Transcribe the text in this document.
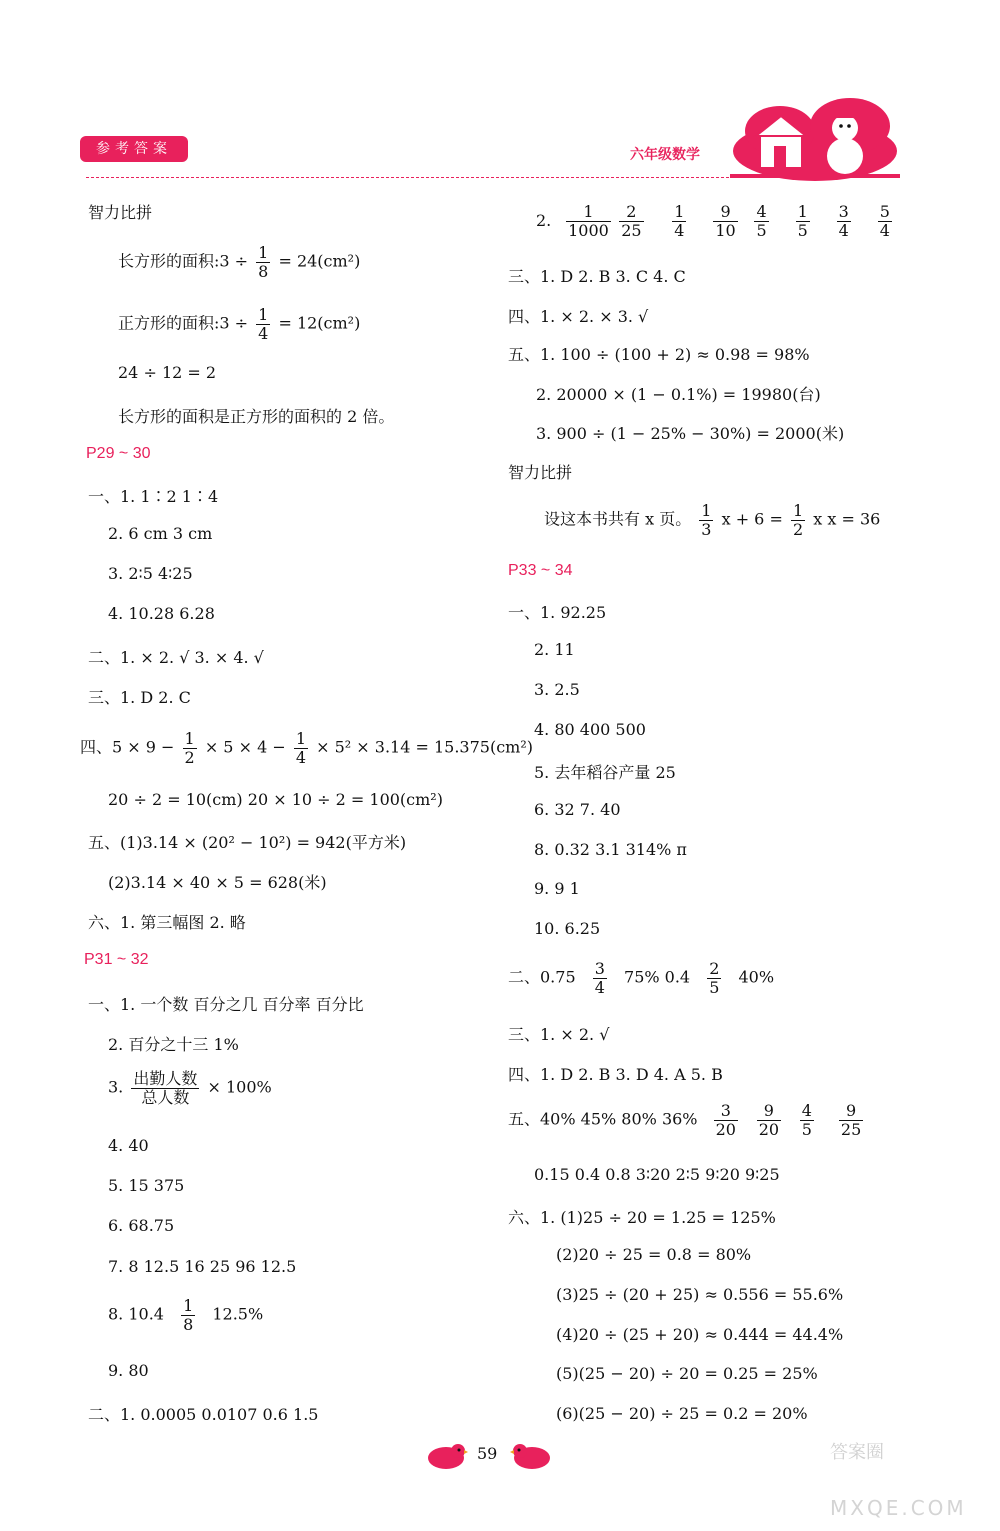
参考答案	六年级数学
智力比拼
长方形的面积:3 ÷ $\frac{1}{8} = 24(cm^2)$
正方形的面积:3 ÷ $\frac{1}{4} = 12(cm^2)$
24 ÷ 12 = 2
长方形的面积是正方形的面积的 2 倍。
P29 ~ 30
一、1. 1∶2 1∶4
2. 6 cm 3 cm
3. 2∶5 4∶25
4. 10.28 6.28
二、1. × 2. √ 3. × 4. √
三、1. D 2. C
四、$5 \times 9 - \frac{1}{2} \times 5 \times 4 - \frac{1}{4} \times 5^2 \times 3.14 = 15.375(cm^2)$
20 ÷ 2 = 10(cm) 20 × 10 ÷ 2 = 100(cm²)
五、(1)3.14 × (20² − 10²) = 942(平方米)
(2)3.14 × 40 × 5 = 628(米)
六、1. 第三幅图 2. 略
P31 ~ 32
一、1. 一个数 百分之几 百分率 百分比
2. 百分之十三 1%
3. $\frac{\text{出勤人数}}{\text{总人数}} \times 100\%$
4. 40
5. 15 375
6. 68.75
7. 8 12.5 16 25 96 12.5
8. $10.4 \frac{1}{8} 12.5\%$
9. 80
二、1. 0.0005 0.0107 0.6 1.5
2. $\frac{1}{1000}$
$\frac{2}{25}$
$\frac{1}{4}$
$\frac{9}{10}$
$\frac{4}{5}$
$\frac{1}{5}$
$\frac{3}{4}$
$\frac{5}{4}$
三、1. D 2. B 3. C 4. C
四、1. × 2. × 3. √
五、1. 100 ÷ (100 + 2) ≈ 0.98 = 98%
2. 20000 × (1 − 0.1%) = 19980(台)
3. 900 ÷ (1 − 25% − 30%) = 2000(米)
智力比拼
设这本书共有 x 页。 $\frac{1}{3}$ $x + 6 = \frac{1}{2}$ x x = 36
P33 ~ 34
一、1. 92.25
2. 11
3. 2.5
4. 80 400 500
5. 去年稻谷产量 25
6. 32 7. 40
8. 0.32 3.1 314% π
9. 9 1
10. 6.25
二、$0.75 \frac{3}{4} 75\%$ $0.4 \frac{2}{5} 40\%$
三、1. × 2. √
四、1. D 2. B 3. D 4. A 5. B
五、40% 45% 80% $36\% \frac{3}{20}$
$\frac{9}{20}$
$\frac{4}{5}$
$\frac{9}{25}$
0.15 0.4 0.8 3∶20 2∶5 9∶20 9∶25
六、1. (1)25 ÷ 20 = 1.25 = 125%
(2)20 ÷ 25 = 0.8 = 80%
(3)25 ÷ (20 + 25) ≈ 0.556 = 55.6%
(4)20 ÷ (25 + 20) ≈ 0.444 = 44.4%
(5)(25 − 20) ÷ 20 = 0.25 = 25%
(6)(25 − 20) ÷ 25 = 0.2 = 20%
59	答案圈
MXQE.COM
